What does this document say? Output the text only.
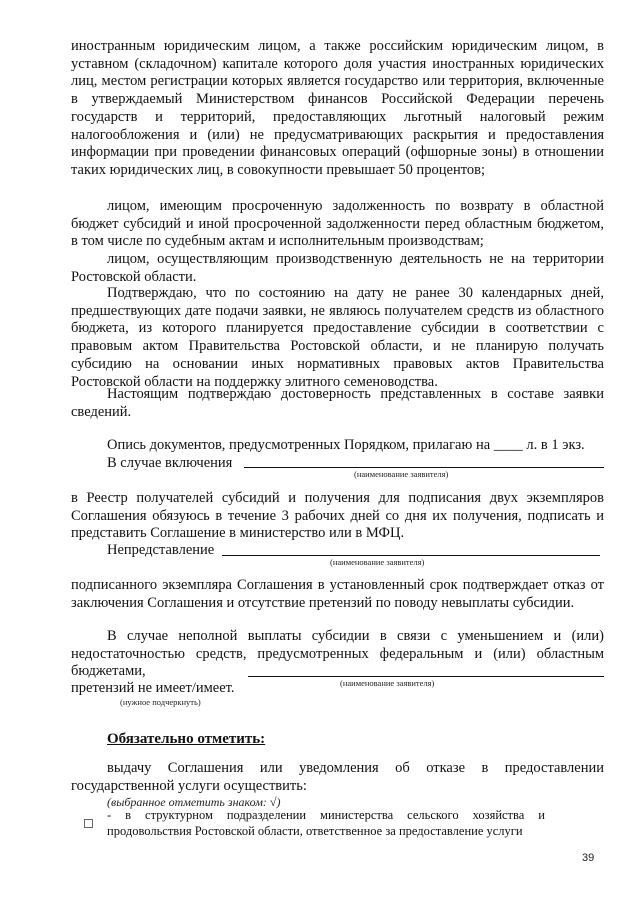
иностранным юридическим лицом, а также российским юридическим лицом, в уставном (складочном) капитале которого доля участия иностранных юридических лиц, местом регистрации которых является государство или территория, включенные в утверждаемый Министерством финансов Российской Федерации перечень государств и территорий, предоставляющих льготный налоговый режим налогообложения и (или) не предусматривающих раскрытия и предоставления информации при проведении финансовых операций (офшорные зоны) в отношении таких юридических лиц, в совокупности превышает 50 процентов;

лицом, имеющим просроченную задолженность по возврату в областной бюджет субсидий и иной просроченной задолженности перед областным бюджетом, в том числе по судебным актам и исполнительным производствам;

лицом, осуществляющим производственную деятельность не на территории Ростовской области.

Подтверждаю, что по состоянию на дату не ранее 30 календарных дней, предшествующих дате подачи заявки, не являюсь получателем средств из областного бюджета, из которого планируется предоставление субсидии в соответствии с правовым актом Правительства Ростовской области, и не планирую получать субсидию на основании иных нормативных правовых актов Правительства Ростовской области на поддержку элитного семеноводства.

Настоящим подтверждаю достоверность представленных в составе заявки сведений.

Опись документов, предусмотренных Порядком, прилагаю на ____ л. в 1 экз.
В случае включения
(наименование заявителя)

в Реестр получателей субсидий и получения для подписания двух экземпляров Соглашения обязуюсь в течение 3 рабочих дней со дня их получения, подписать и представить Соглашение в министерство или в МФЦ.

Непредставление
(наименование заявителя)

подписанного экземпляра Соглашения в установленный срок подтверждает отказ от заключения Соглашения и отсутствие претензий по поводу невыплаты субсидии.

В случае неполной выплаты субсидии в связи с уменьшением и (или) недостаточностью средств, предусмотренных федеральным и (или) областным бюджетами,

(наименование заявителя)
претензий не имеет/имеет.
(нужное подчеркнуть)

Обязательно отметить:

выдачу Соглашения или уведомления об отказе в предоставлении государственной услуги осуществить:

(выбранное отметить знаком: √)

- в структурном подразделении министерства сельского хозяйства и
продовольствия Ростовской области, ответственное за предоставление услуги

39
